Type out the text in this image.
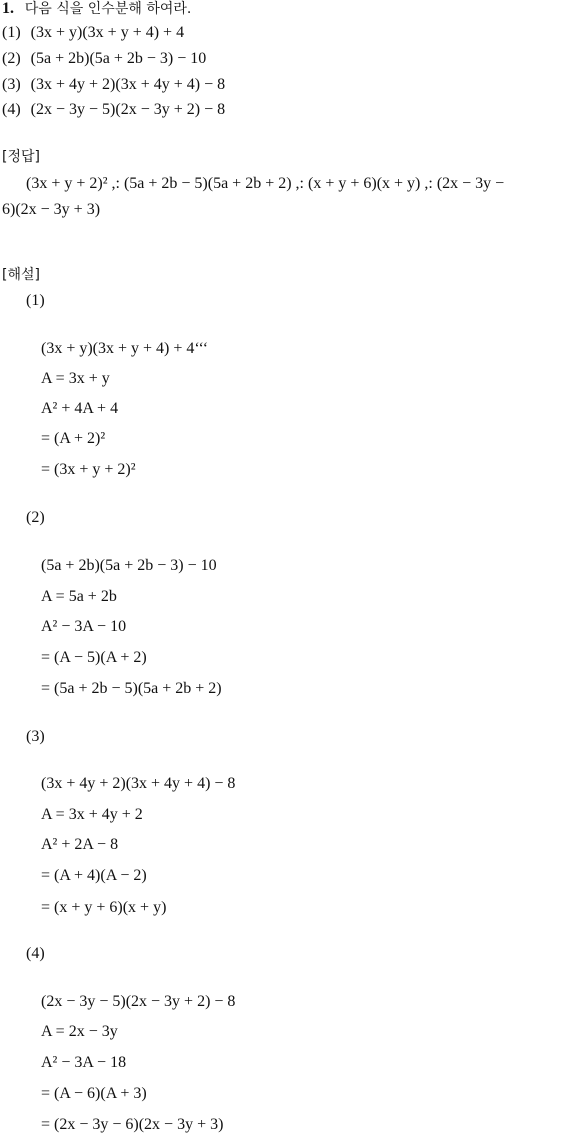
1. 다음 식을 인수분해 하여라.
(1) (3x + y)(3x + y + 4) + 4
(2) (5a + 2b)(5a + 2b − 3) − 10
(3) (3x + 4y + 2)(3x + 4y + 4) − 8
(4) (2x − 3y − 5)(2x − 3y + 2) − 8
[정답]
(3x + y + 2)² ,: (5a + 2b − 5)(5a + 2b + 2) ,: (x + y + 6)(x + y) ,: (2x − 3y −
6)(2x − 3y + 3)
[해설]
(1)
(3x + y)(3x + y + 4) + 4‘‘‘
A = 3x + y
A² + 4A + 4
= (A + 2)²
= (3x + y + 2)²
(2)
(5a + 2b)(5a + 2b − 3) − 10
A = 5a + 2b
A² − 3A − 10
= (A − 5)(A + 2)
= (5a + 2b − 5)(5a + 2b + 2)
(3)
(3x + 4y + 2)(3x + 4y + 4) − 8
A = 3x + 4y + 2
A² + 2A − 8
= (A + 4)(A − 2)
= (x + y + 6)(x + y)
(4)
(2x − 3y − 5)(2x − 3y + 2) − 8
A = 2x − 3y
A² − 3A − 18
= (A − 6)(A + 3)
= (2x − 3y − 6)(2x − 3y + 3)
